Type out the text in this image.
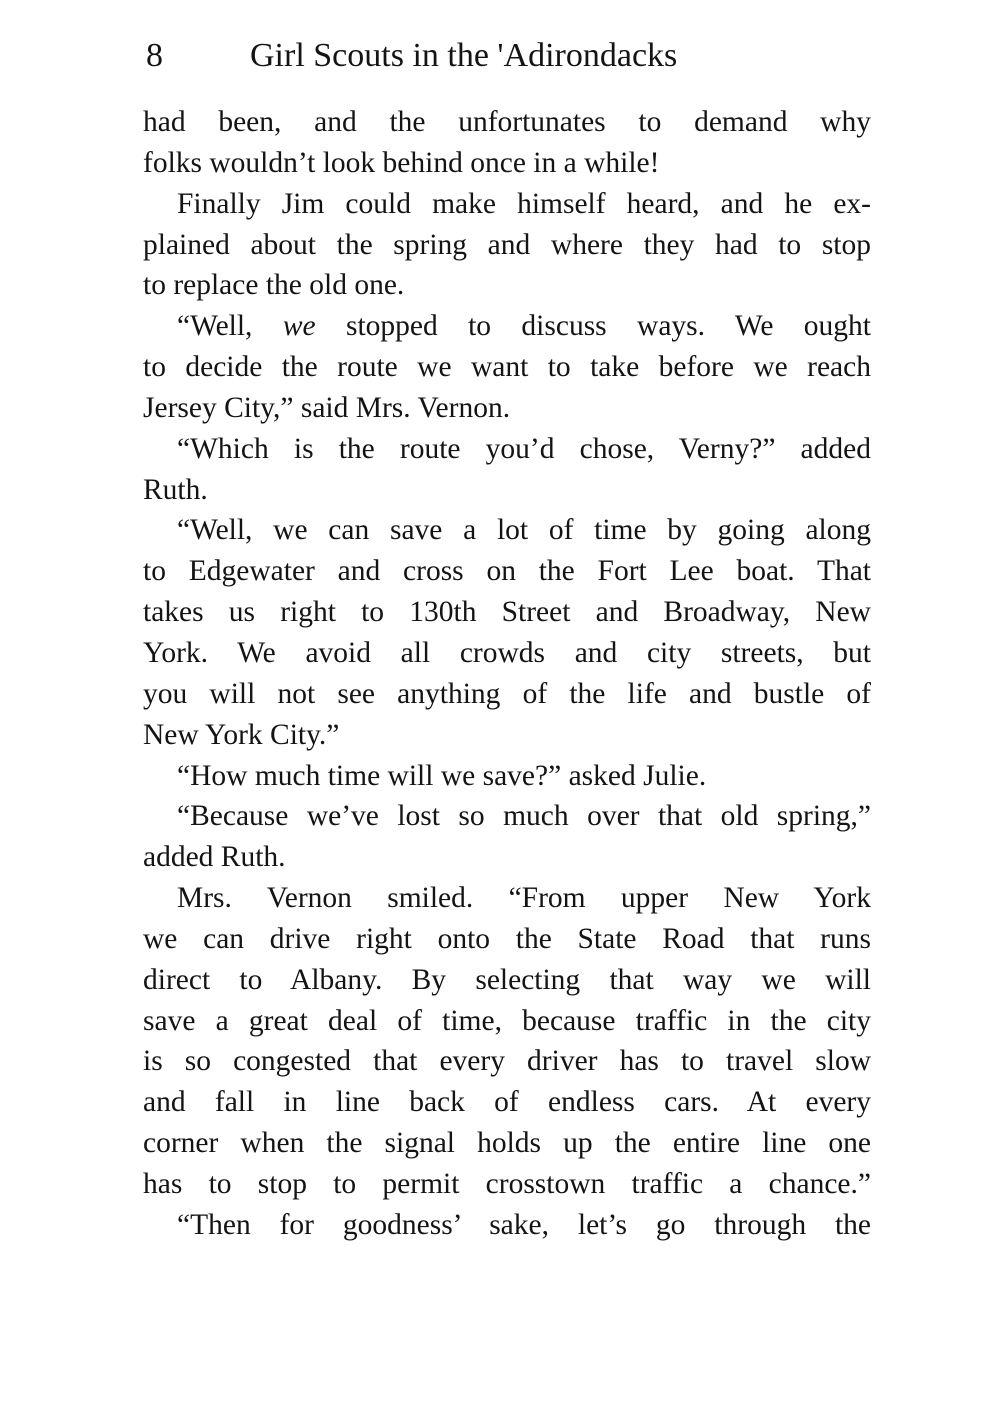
8	Girl Scouts in the 'Adirondacks
had been, and the unfortunates to demand why
folks wouldn’t look behind once in a while!
Finally Jim could make himself heard, and he ex-
plained about the spring and where they had to stop
to replace the old one.
“Well, we stopped to discuss ways. We ought
to decide the route we want to take before we reach
Jersey City,” said Mrs. Vernon.
“Which is the route you’d chose, Verny?” added
Ruth.
“Well, we can save a lot of time by going along
to Edgewater and cross on the Fort Lee boat. That
takes us right to 130th Street and Broadway, New
York. We avoid all crowds and city streets, but
you will not see anything of the life and bustle of
New York City.”
“How much time will we save?” asked Julie.
“Because we’ve lost so much over that old spring,”
added Ruth.
Mrs. Vernon smiled. “From upper New York
we can drive right onto the State Road that runs
direct to Albany. By selecting that way we will
save a great deal of time, because traffic in the city
is so congested that every driver has to travel slow
and fall in line back of endless cars. At every
corner when the signal holds up the entire line one
has to stop to permit crosstown traffic a chance.”
“Then for goodness’ sake, let’s go through the
